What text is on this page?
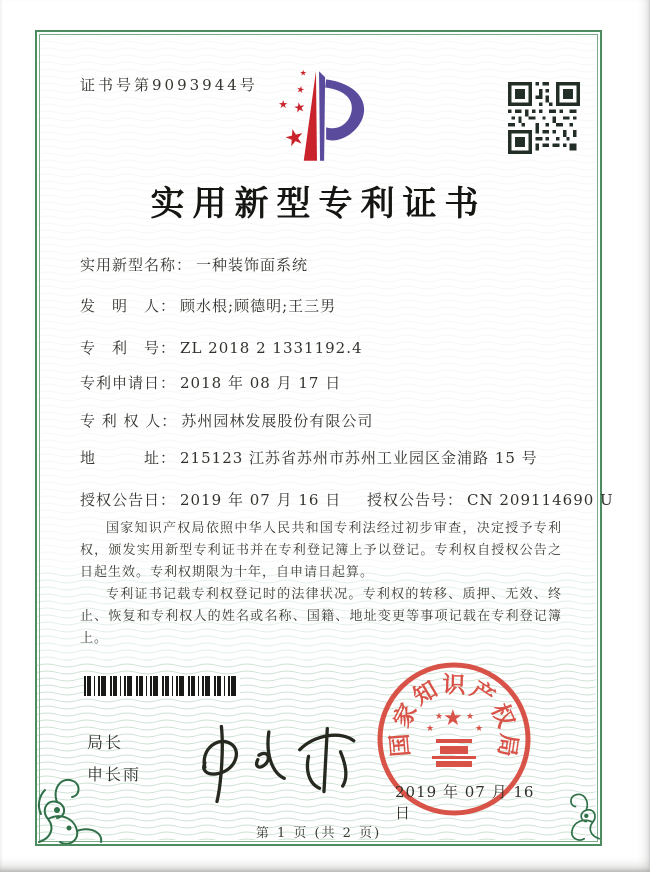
证书号第9093944号
★
★
★
★
★
实用新型专利证书
实用新型名称： 一种装饰面系统
发　明　人： 顾水根;顾德明;王三男
专　利　号： ZL 2018 2 1331192.4
专利申请日： 2018 年 08 月 17 日
专 利 权 人： 苏州园林发展股份有限公司
地　　　址： 215123 江苏省苏州市苏州工业园区金浦路 15 号
授权公告日： 2019 年 07 月 16 日 授权公告号： CN 209114690 U

国家知识产权局依照中华人民共和国专利法经过初步审查，决定授予专利权，颁发实用新型专利证书并在专利登记簿上予以登记。专利权自授权公告之日起生效。专利权期限为十年，自申请日起算。

专利证书记载专利权登记时的法律状况。专利权的转移、质押、无效、终止、恢复和专利权人的姓名或名称、国籍、地址变更等事项记载在专利登记簿上。

局长
申长雨
国家知识产权局
★
★
★	★
★
2019 年 07 月 16 日
第 1 页 (共 2 页)
